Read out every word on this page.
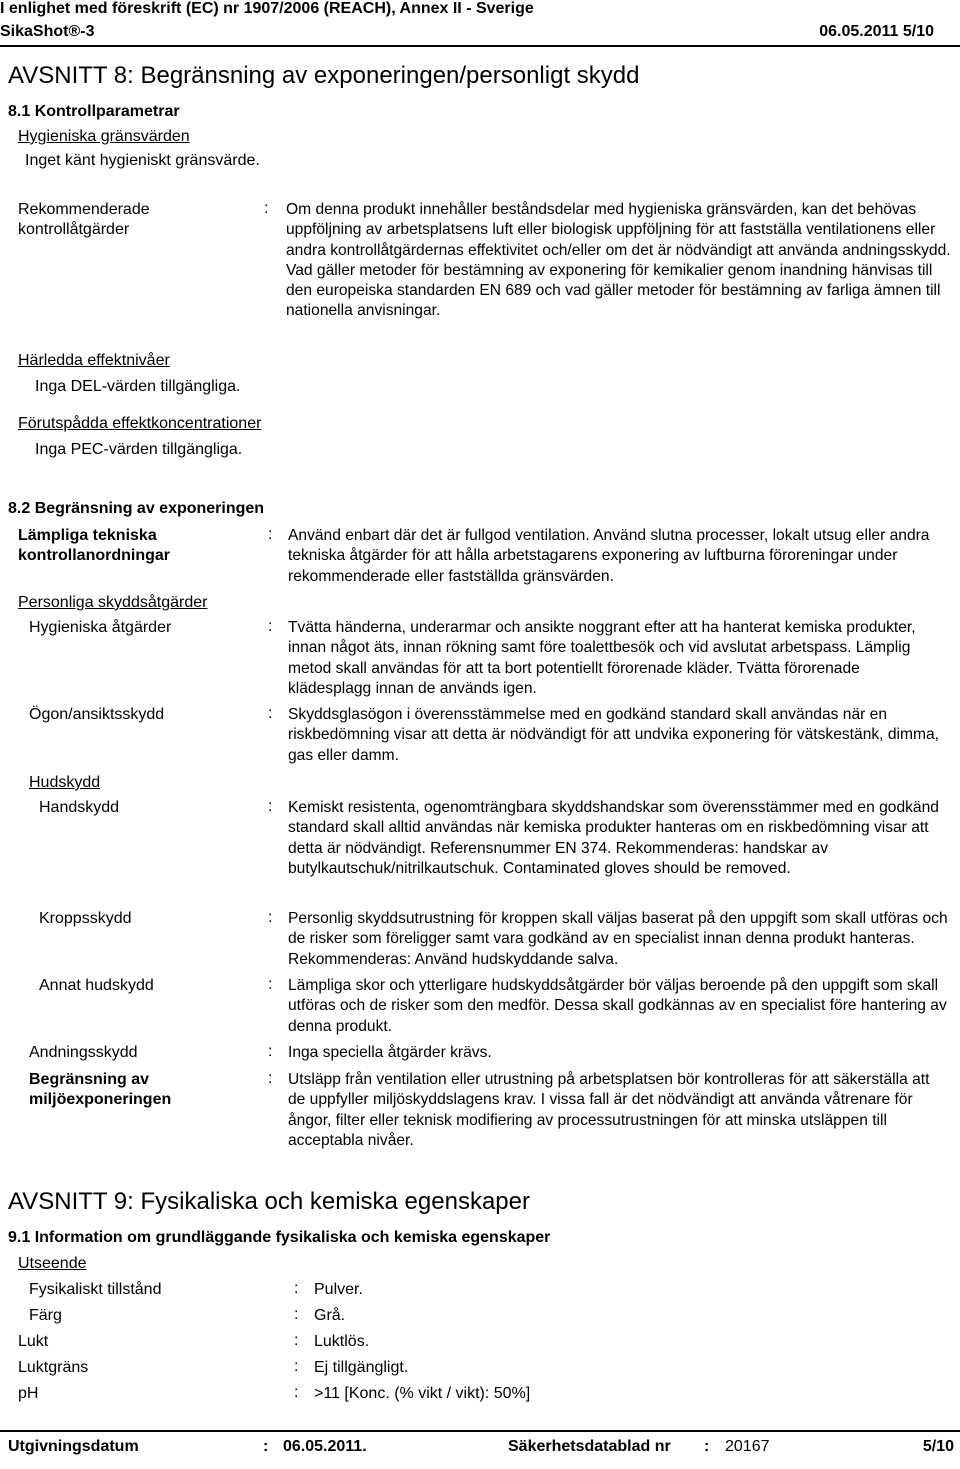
I enlighet med föreskrift (EC) nr 1907/2006 (REACH), Annex II - Sverige
SikaShot®-3	06.05.2011 5/10
AVSNITT 8: Begränsning av exponeringen/personligt skydd
8.1 Kontrollparametrar
Hygieniska gränsvärden
Inget känt hygieniskt gränsvärde.
Rekommenderade
kontrollåtgärder
: Om denna produkt innehåller beståndsdelar med hygieniska gränsvärden, kan det behövas uppföljning av arbetsplatsens luft eller biologisk uppföljning för att fastställa ventilationens eller andra kontrollåtgärdernas effektivitet och/eller om det är nödvändigt att använda andningsskydd. Vad gäller metoder för bestämning av exponering för kemikalier genom inandning hänvisas till den europeiska standarden EN 689 och vad gäller metoder för bestämning av farliga ämnen till nationella anvisningar.
Härledda effektnivåer
Inga DEL-värden tillgängliga.
Förutspådda effektkoncentrationer
Inga PEC-värden tillgängliga.
8.2 Begränsning av exponeringen
Lämpliga tekniska
kontrollanordningar
: Använd enbart där det är fullgod ventilation. Använd slutna processer, lokalt utsug eller andra tekniska åtgärder för att hålla arbetstagarens exponering av luftburna föroreningar under rekommenderade eller fastställda gränsvärden.
Personliga skyddsåtgärder
Hygieniska åtgärder	: Tvätta händerna, underarmar och ansikte noggrant efter att ha hanterat kemiska produkter, innan något äts, innan rökning samt före toalettbesök och vid avslutat arbetspass. Lämplig metod skall användas för att ta bort potentiellt förorenade kläder. Tvätta förorenade klädesplagg innan de används igen.
Ögon/ansiktsskydd	: Skyddsglasögon i överensstämmelse med en godkänd standard skall användas när en riskbedömning visar att detta är nödvändigt för att undvika exponering för vätskestänk, dimma, gas eller damm.
Hudskydd
Handskydd	: Kemiskt resistenta, ogenomträngbara skyddshandskar som överensstämmer med en godkänd standard skall alltid användas när kemiska produkter hanteras om en riskbedömning visar att detta är nödvändigt. Referensnummer EN 374. Rekommenderas: handskar av butylkautschuk/nitrilkautschuk. Contaminated gloves should be removed.
Kroppsskydd	: Personlig skyddsutrustning för kroppen skall väljas baserat på den uppgift som skall utföras och de risker som föreligger samt vara godkänd av en specialist innan denna produkt hanteras. Rekommenderas: Använd hudskyddande salva.
Annat hudskydd	: Lämpliga skor och ytterligare hudskyddsåtgärder bör väljas beroende på den uppgift som skall utföras och de risker som den medför. Dessa skall godkännas av en specialist före hantering av denna produkt.
Andningsskydd	: Inga speciella åtgärder krävs.
Begränsning av
miljöexponeringen
: Utsläpp från ventilation eller utrustning på arbetsplatsen bör kontrolleras för att säkerställa att de uppfyller miljöskyddslagens krav. I vissa fall är det nödvändigt att använda våtrenare för ångor, filter eller teknisk modifiering av processutrustningen för att minska utsläppen till acceptabla nivåer.
AVSNITT 9: Fysikaliska och kemiska egenskaper
9.1 Information om grundläggande fysikaliska och kemiska egenskaper
Utseende
Fysikaliskt tillstånd	: Pulver.
Färg	: Grå.
Lukt	: Luktlös.
Luktgräns	: Ej tillgängligt.
pH	: >11 [Konc. (% vikt / vikt): 50%]
Utgivningsdatum	: 06.05.2011.	Säkerhetsdatablad nr : 20167	5/10
